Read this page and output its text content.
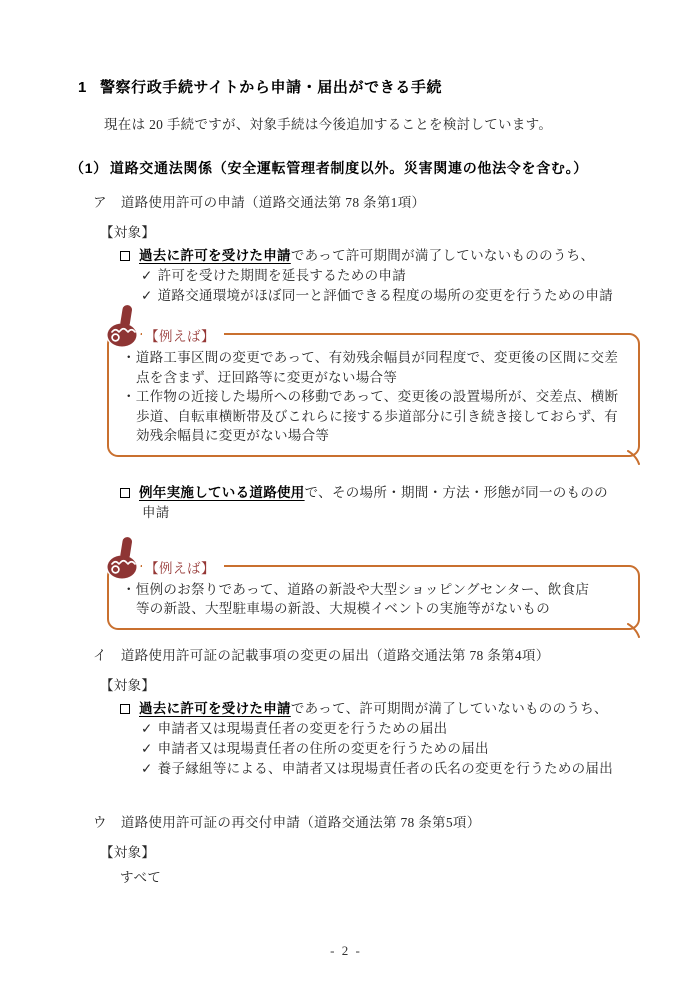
1 警察行政手続サイトから申請・届出ができる手続
現在は 20 手続ですが、対象手続は今後追加することを検討しています。
（1） 道路交通法関係（安全運転管理者制度以外。災害関連の他法令を含む。）
ア 道路使用許可の申請（道路交通法第 78 条第1項）
【対象】
過去に許可を受けた申請であって許可期間が満了していないもののうち、
✓ 許可を受けた期間を延長するための申請
✓ 道路交通環境がほぼ同一と評価できる程度の場所の変更を行うための申請
【例えば】
・道路工事区間の変更であって、有効残余幅員が同程度で、変更後の区間に交差点を含まず、迂回路等に変更がない場合等
・工作物の近接した場所への移動であって、変更後の設置場所が、交差点、横断歩道、自転車横断帯及びこれらに接する歩道部分に引き続き接しておらず、有効残余幅員に変更がない場合等
例年実施している道路使用で、その場所・期間・方法・形態が同一のものの申請
【例えば】
・恒例のお祭りであって、道路の新設や大型ショッピングセンター、飲食店等の新設、大型駐車場の新設、大規模イベントの実施等がないもの
イ 道路使用許可証の記載事項の変更の届出（道路交通法第 78 条第4項）
【対象】
過去に許可を受けた申請であって、許可期間が満了していないもののうち、
✓ 申請者又は現場責任者の変更を行うための届出
✓ 申請者又は現場責任者の住所の変更を行うための届出
✓ 養子縁組等による、申請者又は現場責任者の氏名の変更を行うための届出
ウ 道路使用許可証の再交付申請（道路交通法第 78 条第5項）
【対象】
すべて
- 2 -
